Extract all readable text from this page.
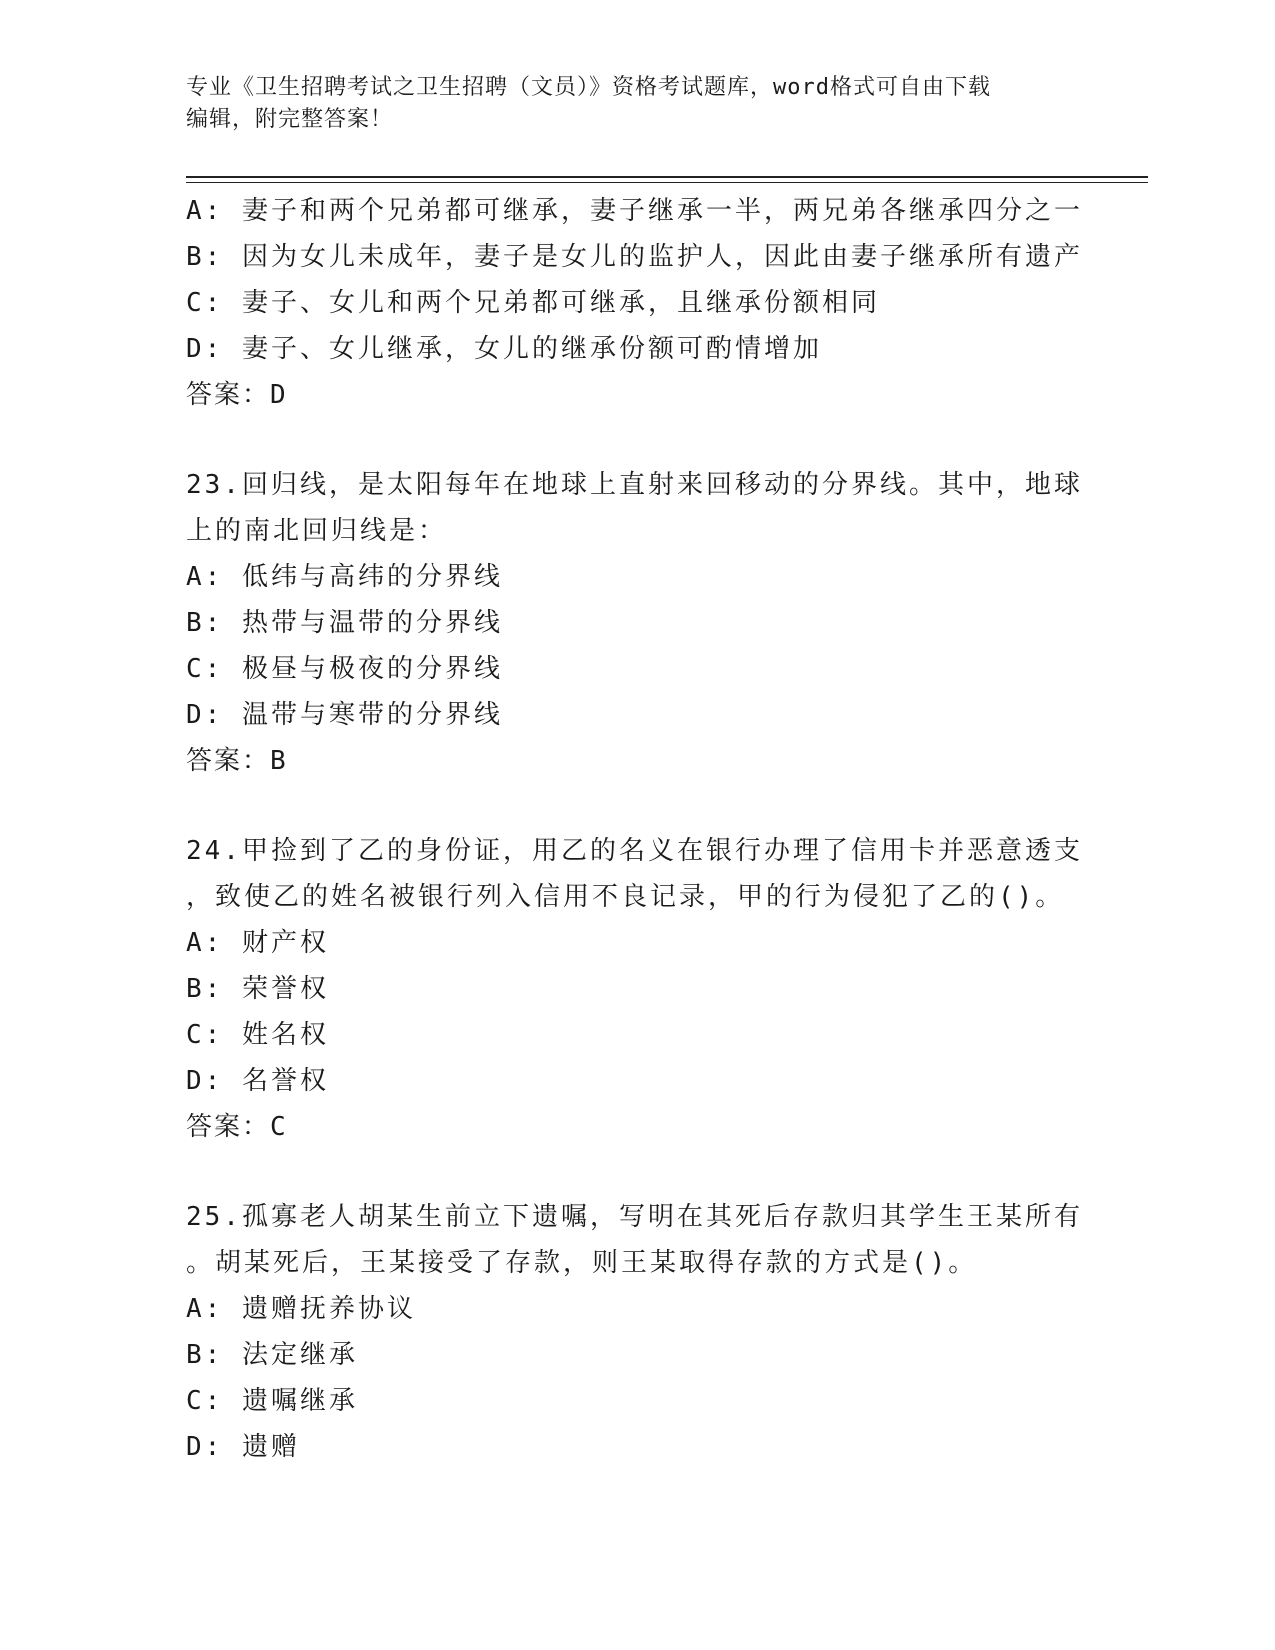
专业《卫生招聘考试之卫生招聘（文员）》资格考试题库，word格式可自由下载
编辑，附完整答案！
A: 妻子和两个兄弟都可继承，妻子继承一半，两兄弟各继承四分之一
B: 因为女儿未成年，妻子是女儿的监护人，因此由妻子继承所有遗产
C: 妻子、女儿和两个兄弟都可继承，且继承份额相同
D: 妻子、女儿继承，女儿的继承份额可酌情增加
答案：D
23.回归线，是太阳每年在地球上直射来回移动的分界线。其中，地球
上的南北回归线是：
A: 低纬与高纬的分界线
B: 热带与温带的分界线
C: 极昼与极夜的分界线
D: 温带与寒带的分界线
答案：B
24.甲捡到了乙的身份证，用乙的名义在银行办理了信用卡并恶意透支
，致使乙的姓名被银行列入信用不良记录，甲的行为侵犯了乙的()。
A: 财产权
B: 荣誉权
C: 姓名权
D: 名誉权
答案：C
25.孤寡老人胡某生前立下遗嘱，写明在其死后存款归其学生王某所有
。胡某死后，王某接受了存款，则王某取得存款的方式是()。
A: 遗赠抚养协议
B: 法定继承
C: 遗嘱继承
D: 遗赠
